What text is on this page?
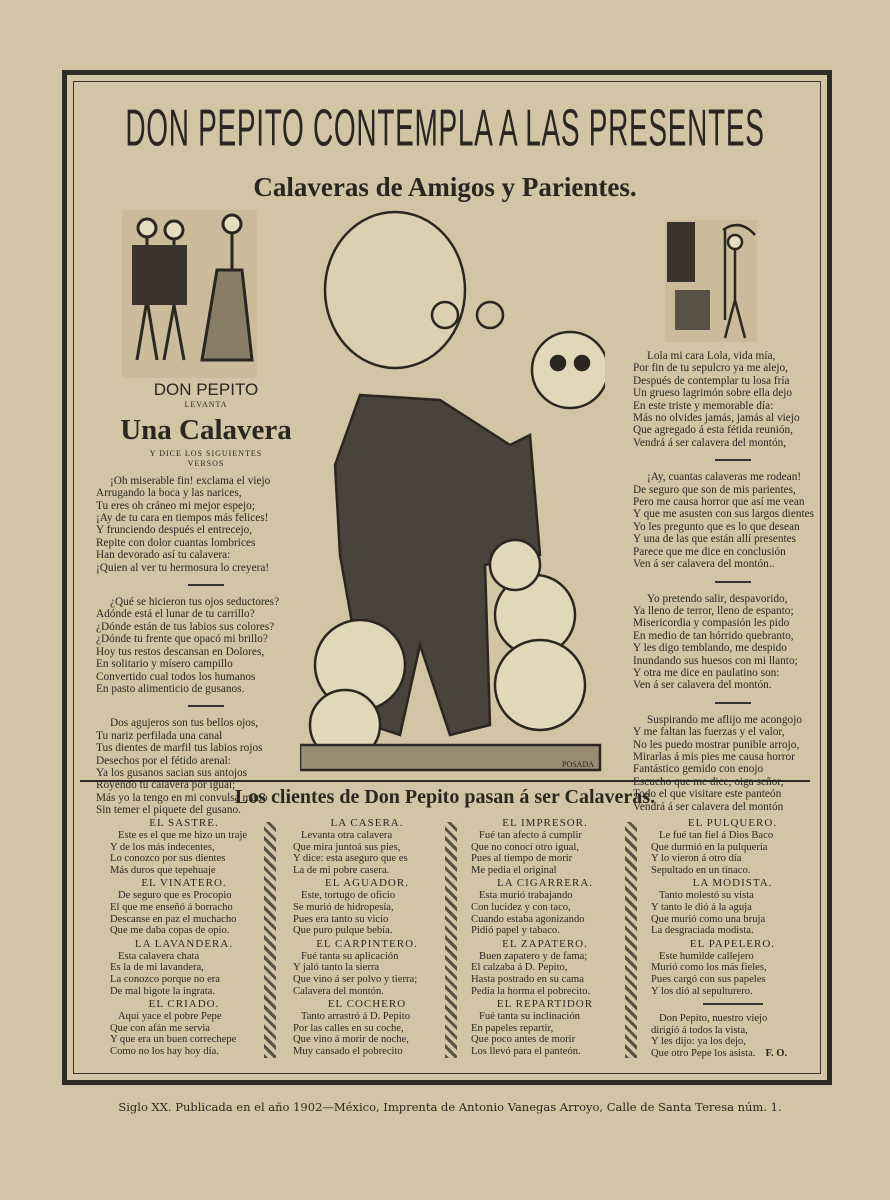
DON PEPITO CONTEMPLA A LAS PRESENTES
Calaveras de Amigos y Parientes.
DON PEPITO
LEVANTA
Una Calavera
Y DICE LOS SIGUIENTES VERSOS
¡Oh miserable fin! exclama el viejo
Arrugando la boca y las narices,
Tu eres oh cráneo mi mejor espejo;
¡Ay de tu cara en tiempos más felices!
Y frunciendo después el entrecejo,
Repite con dolor cuantas lombrices
Han devorado así tu calavera:
¡Quien al ver tu hermosura lo creyera!
¿Qué se hicieron tus ojos seductores?
Adónde está el lunar de tu carrillo?
¿Dónde están de tus labios sus colores?
¿Dónde tu frente que opacó mi brillo?
Hoy tus restos descansan en Dolores,
En solitario y mísero campillo
Convertido cual todos los humanos
En pasto alimenticio de gusanos.
Dos agujeros son tus bellos ojos,
Tu nariz perfilada una canal
Tus dientes de marfil tus labios rojos
Desechos por el fétido arenal:
Ya los gusanos sacian sus antojos
Royendo tu calavera por igual;
Más yo la tengo en mi convulsa mano
Sin temer el piquete del gusano.
POSADA
Lola mi cara Lola, vida mía,
Por fin de tu sepulcro ya me alejo,
Después de contemplar tu losa fría
Un grueso lagrimón sobre ella dejo
En este triste y memorable día:
Más no olvides jamás, jamás al viejo
Que agregado á esta fétida reunión,
Vendrá á ser calavera del montón,
¡Ay, cuantas calaveras me rodean!
De seguro que son de mis parientes,
Pero me causa horror que así me vean
Y que me asusten con sus largos dientes
Yo les pregunto que es lo que desean
Y una de las que están allí presentes
Parece que me dice en conclusión
Ven á ser calavera del montón..
Yo pretendo salir, despavorido,
Ya lleno de terror, lleno de espanto;
Misericordia y compasión les pido
En medio de tan hórrido quebranto,
Y les digo temblando, me despido
Inundando sus huesos con mi llanto;
Y otra me dice en paulatino son:
Ven á ser calavera del montón.
Suspirando me aflijo me acongojo
Y me faltan las fuerzas y el valor,
No les puedo mostrar punible arrojo,
Mirarlas á mis pies me causa horror
Fantástico gemido con enojo
Escucho que me dice, oiga señor,
Todo el que visitare este panteón
Vendrá á ser calavera del montón
Los clientes de Don Pepito pasan á ser Calaveras.
EL SASTRE.
Este es el que me hizo un traje
Y de los más indecentes,
Lo conozco por sus dientes
Más duros que tepehuaje
EL VINATERO.
De seguro que es Procopio
El que me enseñó á borracho
Descanse en paz el muchacho
Que me daba copas de opio.
LA LAVANDERA.
Esta calavera chata
Es la de mi lavandera,
La conozco porque no era
De mal bigote la ingrata.
EL CRIADO.
Aquí yace el pobre Pepe
Que con afán me servia
Y que era un buen correchepe
Como no los hay hoy día.
LA CASERA.
Levanta otra calavera
Que mira juntoá sus pies,
Y dice: esta aseguro que es
La de mi pobre casera.
EL AGUADOR.
Este, tortugo de oficio
Se murió de hidropesía,
Pues era tanto su vicio
Que puro pulque bebía.
EL CARPINTERO.
Fué tanta su aplicación
Y jaló tanto la sierra
Que vino á ser polvo y tierra;
Calavera del montón.
EL COCHERO
Tanto arrastró á D. Pepito
Por las calles en su coche,
Que vino á morir de noche,
Muy cansado el pobrecito
EL IMPRESOR.
Fué tan afecto á cumplir
Que no conocí otro igual,
Pues al tiempo de morir
Me pedia el original
LA CIGARRERA.
Esta murió trabajando
Con lucidez y con taco,
Cuando estaba agonizando
Pidió papel y tabaco.
EL ZAPATERO.
Buen zapatero y de fama;
El calzaba á D. Pepito,
Hasta postrado en su cama
Pedía la horma el pobrecito.
EL REPARTIDOR
Fué tanta su inclinación
En papeles repartir,
Que poco antes de morir
Los llevó para el panteón.
EL PULQUERO.
Le fué tan fiel á Dios Baco
Que durmió en la pulquería
Y lo vieron á otro día
Sepultado en un tinaco.
LA MODISTA.
Tanto molestó su vista
Y tanto le dió á la aguja
Que murió como una bruja
La desgraciada modista.
EL PAPELERO.
Este humilde callejero
Murió como los más fieles,
Pues cargó con sus papeles
Y los dió al sepulturero.
Don Pepito, nuestro viejo
dirigió á todos la vista,
Y les dijo: ya los dejo,
Que otro Pepe los asista. F. O.
Siglo XX. Publicada en el año 1902—México, Imprenta de Antonio Vanegas Arroyo, Calle de Santa Teresa núm. 1.
